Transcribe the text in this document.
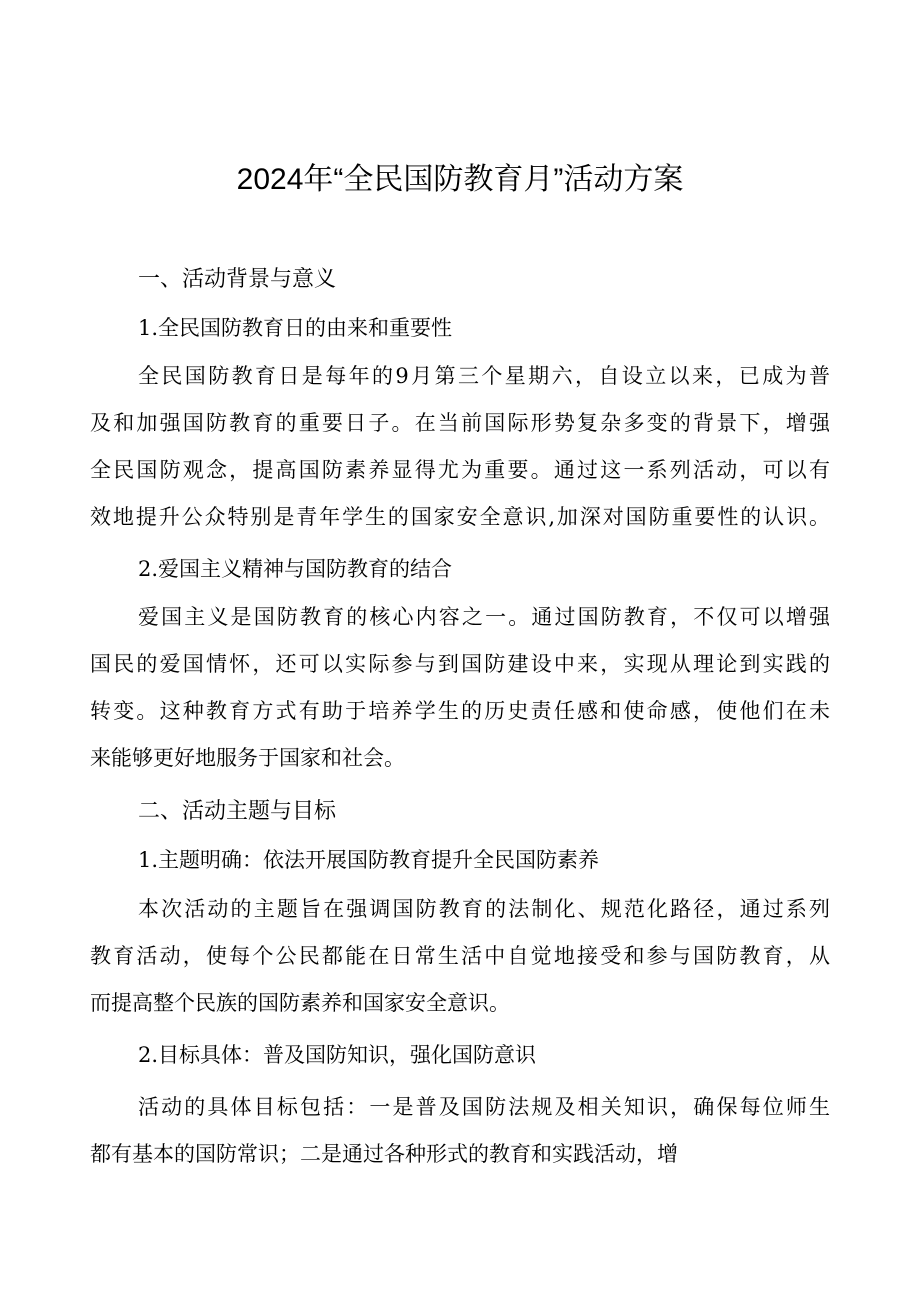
2024年“全民国防教育月”活动方案
一、活动背景与意义
1.全民国防教育日的由来和重要性
全民国防教育日是每年的9月第三个星期六，自设立以来，已成为普
及和加强国防教育的重要日子。在当前国际形势复杂多变的背景下，增强
全民国防观念，提高国防素养显得尤为重要。通过这一系列活动，可以有
效地提升公众特别是青年学生的国家安全意识,加深对国防重要性的认识。
2.爱国主义精神与国防教育的结合
爱国主义是国防教育的核心内容之一。通过国防教育，不仅可以增强
国民的爱国情怀，还可以实际参与到国防建设中来，实现从理论到实践的
转变。这种教育方式有助于培养学生的历史责任感和使命感，使他们在未
来能够更好地服务于国家和社会。
二、活动主题与目标
1.主题明确：依法开展国防教育提升全民国防素养
本次活动的主题旨在强调国防教育的法制化、规范化路径，通过系列
教育活动，使每个公民都能在日常生活中自觉地接受和参与国防教育，从
而提高整个民族的国防素养和国家安全意识。
2.目标具体：普及国防知识，强化国防意识
活动的具体目标包括：一是普及国防法规及相关知识，确保每位师生
都有基本的国防常识；二是通过各种形式的教育和实践活动，增
